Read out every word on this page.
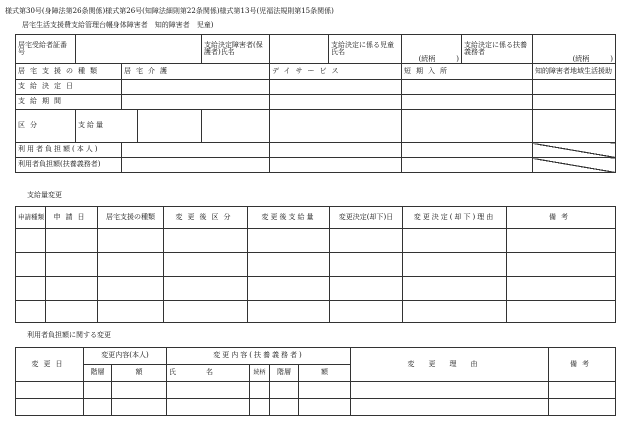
様式第30号(身障法第26条関係)様式第26号(知障法細則第22条関係)様式第13号(児福法規則第15条関係)
居宅生活支援費支給管理台帳
(身体障害者　知的障害者　児童)
居宅受給者証番号				支給決定障害者(保護者)氏名		支給決定に係る児童氏名	(続柄　　　)	支給決定に係る扶養義務者	(続柄　　　)
居宅支援の種類		居宅介護			デイサービス		短期入所		知的障害者地域生活援助
支給決定日									
支給期間									
区分	支給量								
利用者負担額(本人)									
利用者負担額(扶養義務者)									
支給量変更
申請種類	申請日	居宅支援の種類	変更後区分	変更後支給量	変更決定(却下)日	変更決定(却下)理由	備考

利用者負担額に関する変更
変更日	変更内容(本人)		変更内容(扶養義務者)				変更理由	備考
	階層	額	氏名	続柄	階層	額		
